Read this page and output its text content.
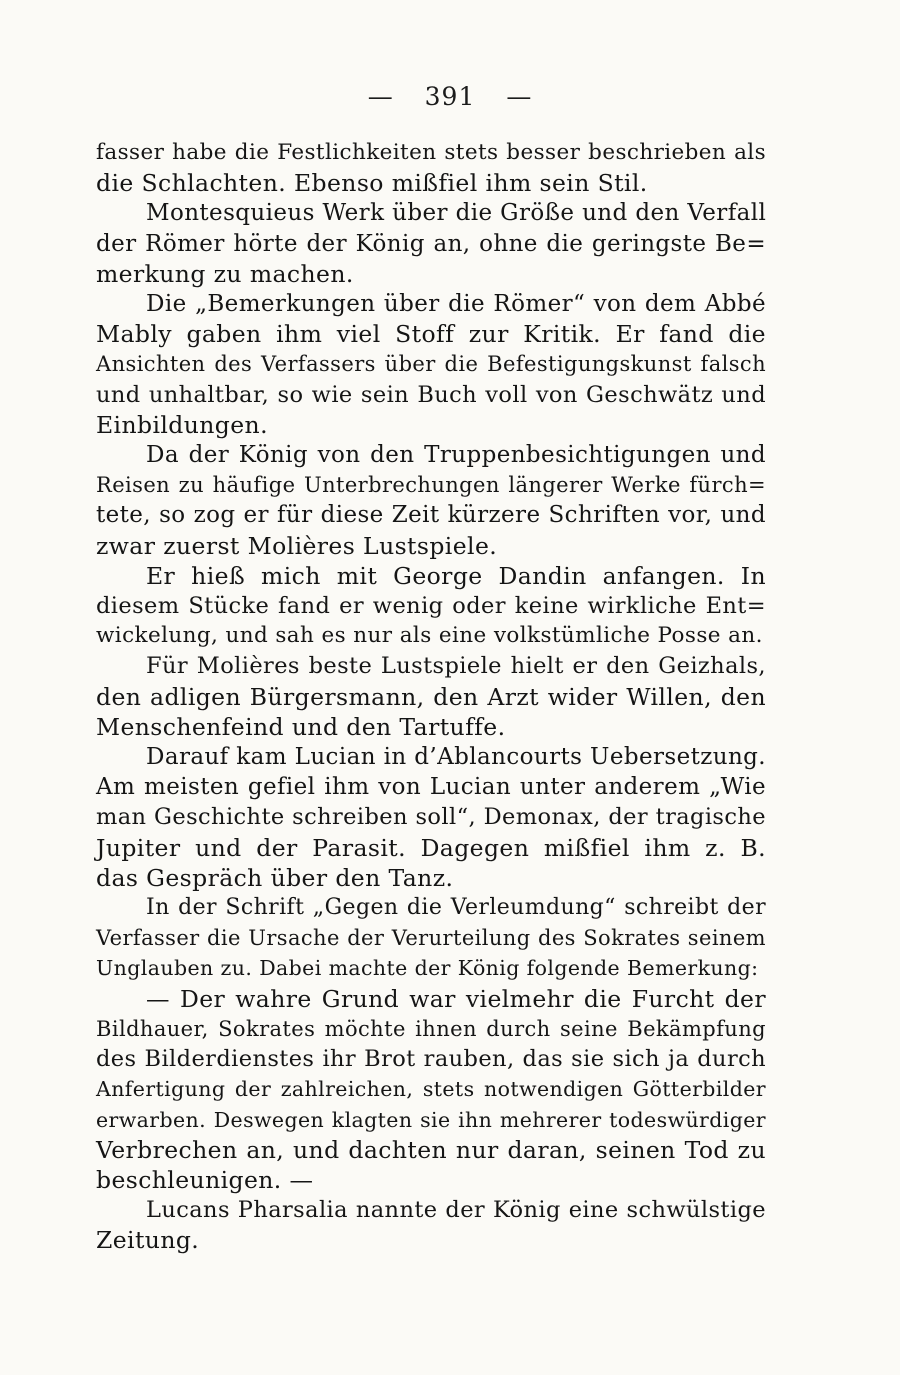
— 391 —
fasser habe die Festlichkeiten stets besser beschrieben als
die Schlachten. Ebenso mißfiel ihm sein Stil.
Montesquieus Werk über die Größe und den Verfall
der Römer hörte der König an, ohne die geringste Be=
merkung zu machen.
Die „Bemerkungen über die Römer“ von dem Abbé
Mably gaben ihm viel Stoff zur Kritik. Er fand die
Ansichten des Verfassers über die Befestigungskunst falsch
und unhaltbar, so wie sein Buch voll von Geschwätz und
Einbildungen.
Da der König von den Truppenbesichtigungen und
Reisen zu häufige Unterbrechungen längerer Werke fürch=
tete, so zog er für diese Zeit kürzere Schriften vor, und
zwar zuerst Molières Lustspiele.
Er hieß mich mit George Dandin anfangen. In
diesem Stücke fand er wenig oder keine wirkliche Ent=
wickelung, und sah es nur als eine volkstümliche Posse an.
Für Molières beste Lustspiele hielt er den Geizhals,
den adligen Bürgersmann, den Arzt wider Willen, den
Menschenfeind und den Tartuffe.
Darauf kam Lucian in d’Ablancourts Uebersetzung.
Am meisten gefiel ihm von Lucian unter anderem „Wie
man Geschichte schreiben soll“, Demonax, der tragische
Jupiter und der Parasit. Dagegen mißfiel ihm z. B.
das Gespräch über den Tanz.
In der Schrift „Gegen die Verleumdung“ schreibt der
Verfasser die Ursache der Verurteilung des Sokrates seinem
Unglauben zu. Dabei machte der König folgende Bemerkung:
— Der wahre Grund war vielmehr die Furcht der
Bildhauer, Sokrates möchte ihnen durch seine Bekämpfung
des Bilderdienstes ihr Brot rauben, das sie sich ja durch
Anfertigung der zahlreichen, stets notwendigen Götterbilder
erwarben. Deswegen klagten sie ihn mehrerer todeswürdiger
Verbrechen an, und dachten nur daran, seinen Tod zu
beschleunigen. —
Lucans Pharsalia nannte der König eine schwülstige
Zeitung.
